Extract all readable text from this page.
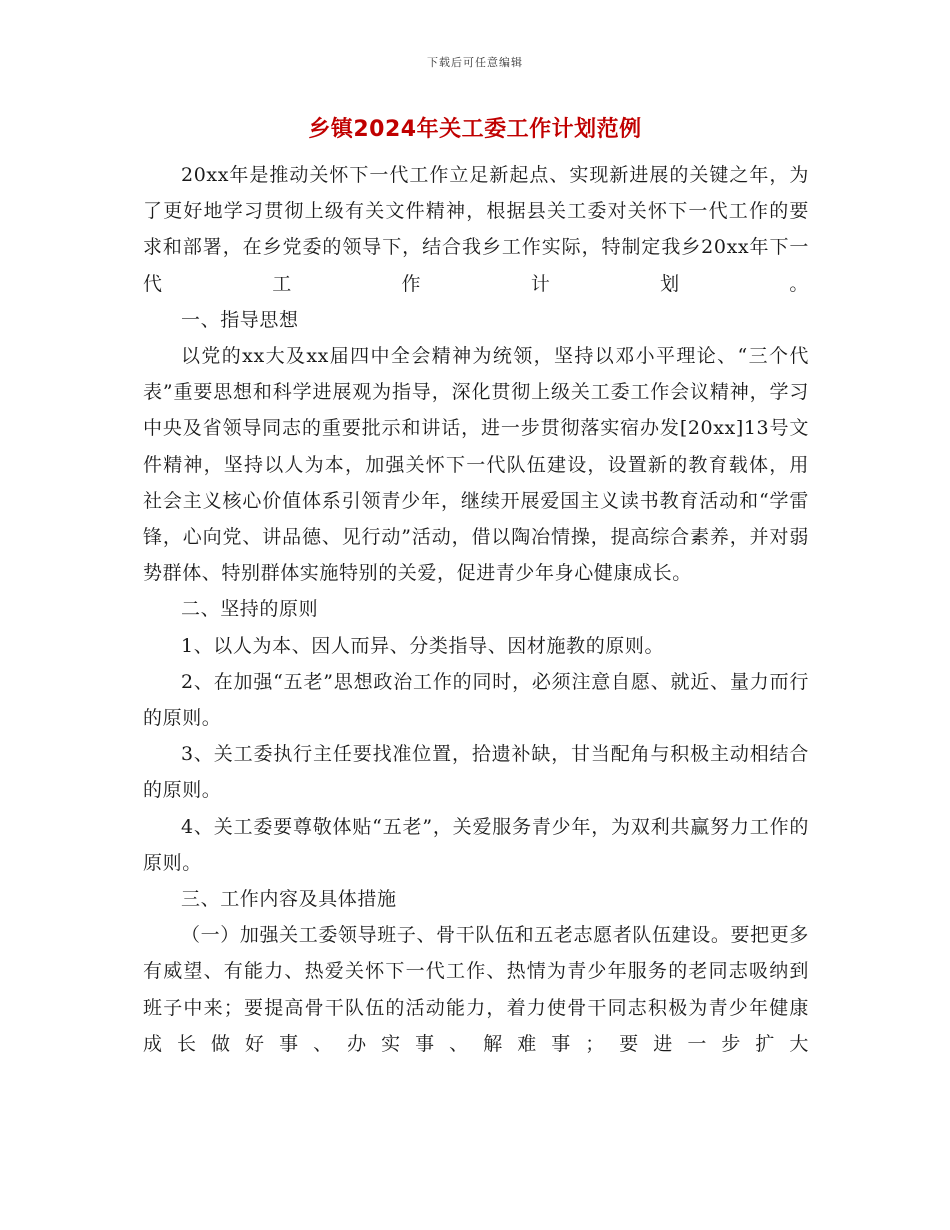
下载后可任意编辑
乡镇2024年关工委工作计划范例

20xx年是推动关怀下一代工作立足新起点、实现新进展的关键之年，为了更好地学习贯彻上级有关文件精神，根据县关工委对关怀下一代工作的要求和部署，在乡党委的领导下，结合我乡工作实际，特制定我乡20xx年下一代工作计划。

一、指导思想

以党的xx大及xx届四中全会精神为统领，坚持以邓小平理论、“三个代表”重要思想和科学进展观为指导，深化贯彻上级关工委工作会议精神，学习中央及省领导同志的重要批示和讲话，进一步贯彻落实宿办发[20xx]13号文件精神，坚持以人为本，加强关怀下一代队伍建设，设置新的教育载体，用社会主义核心价值体系引领青少年，继续开展爱国主义读书教育活动和“学雷锋，心向党、讲品德、见行动”活动，借以陶冶情操，提高综合素养，并对弱势群体、特别群体实施特别的关爱，促进青少年身心健康成长。

二、坚持的原则

1、以人为本、因人而异、分类指导、因材施教的原则。

2、在加强“五老”思想政治工作的同时，必须注意自愿、就近、量力而行的原则。

3、关工委执行主任要找准位置，拾遗补缺，甘当配角与积极主动相结合的原则。

4、关工委要尊敬体贴“五老”，关爱服务青少年，为双利共赢努力工作的原则。

三、工作内容及具体措施

（一）加强关工委领导班子、骨干队伍和五老志愿者队伍建设。要把更多有威望、有能力、热爱关怀下一代工作、热情为青少年服务的老同志吸纳到班子中来；要提高骨干队伍的活动能力，着力使骨干同志积极为青少年健康成长做好事、办实事、解难事；要进一步扩大
